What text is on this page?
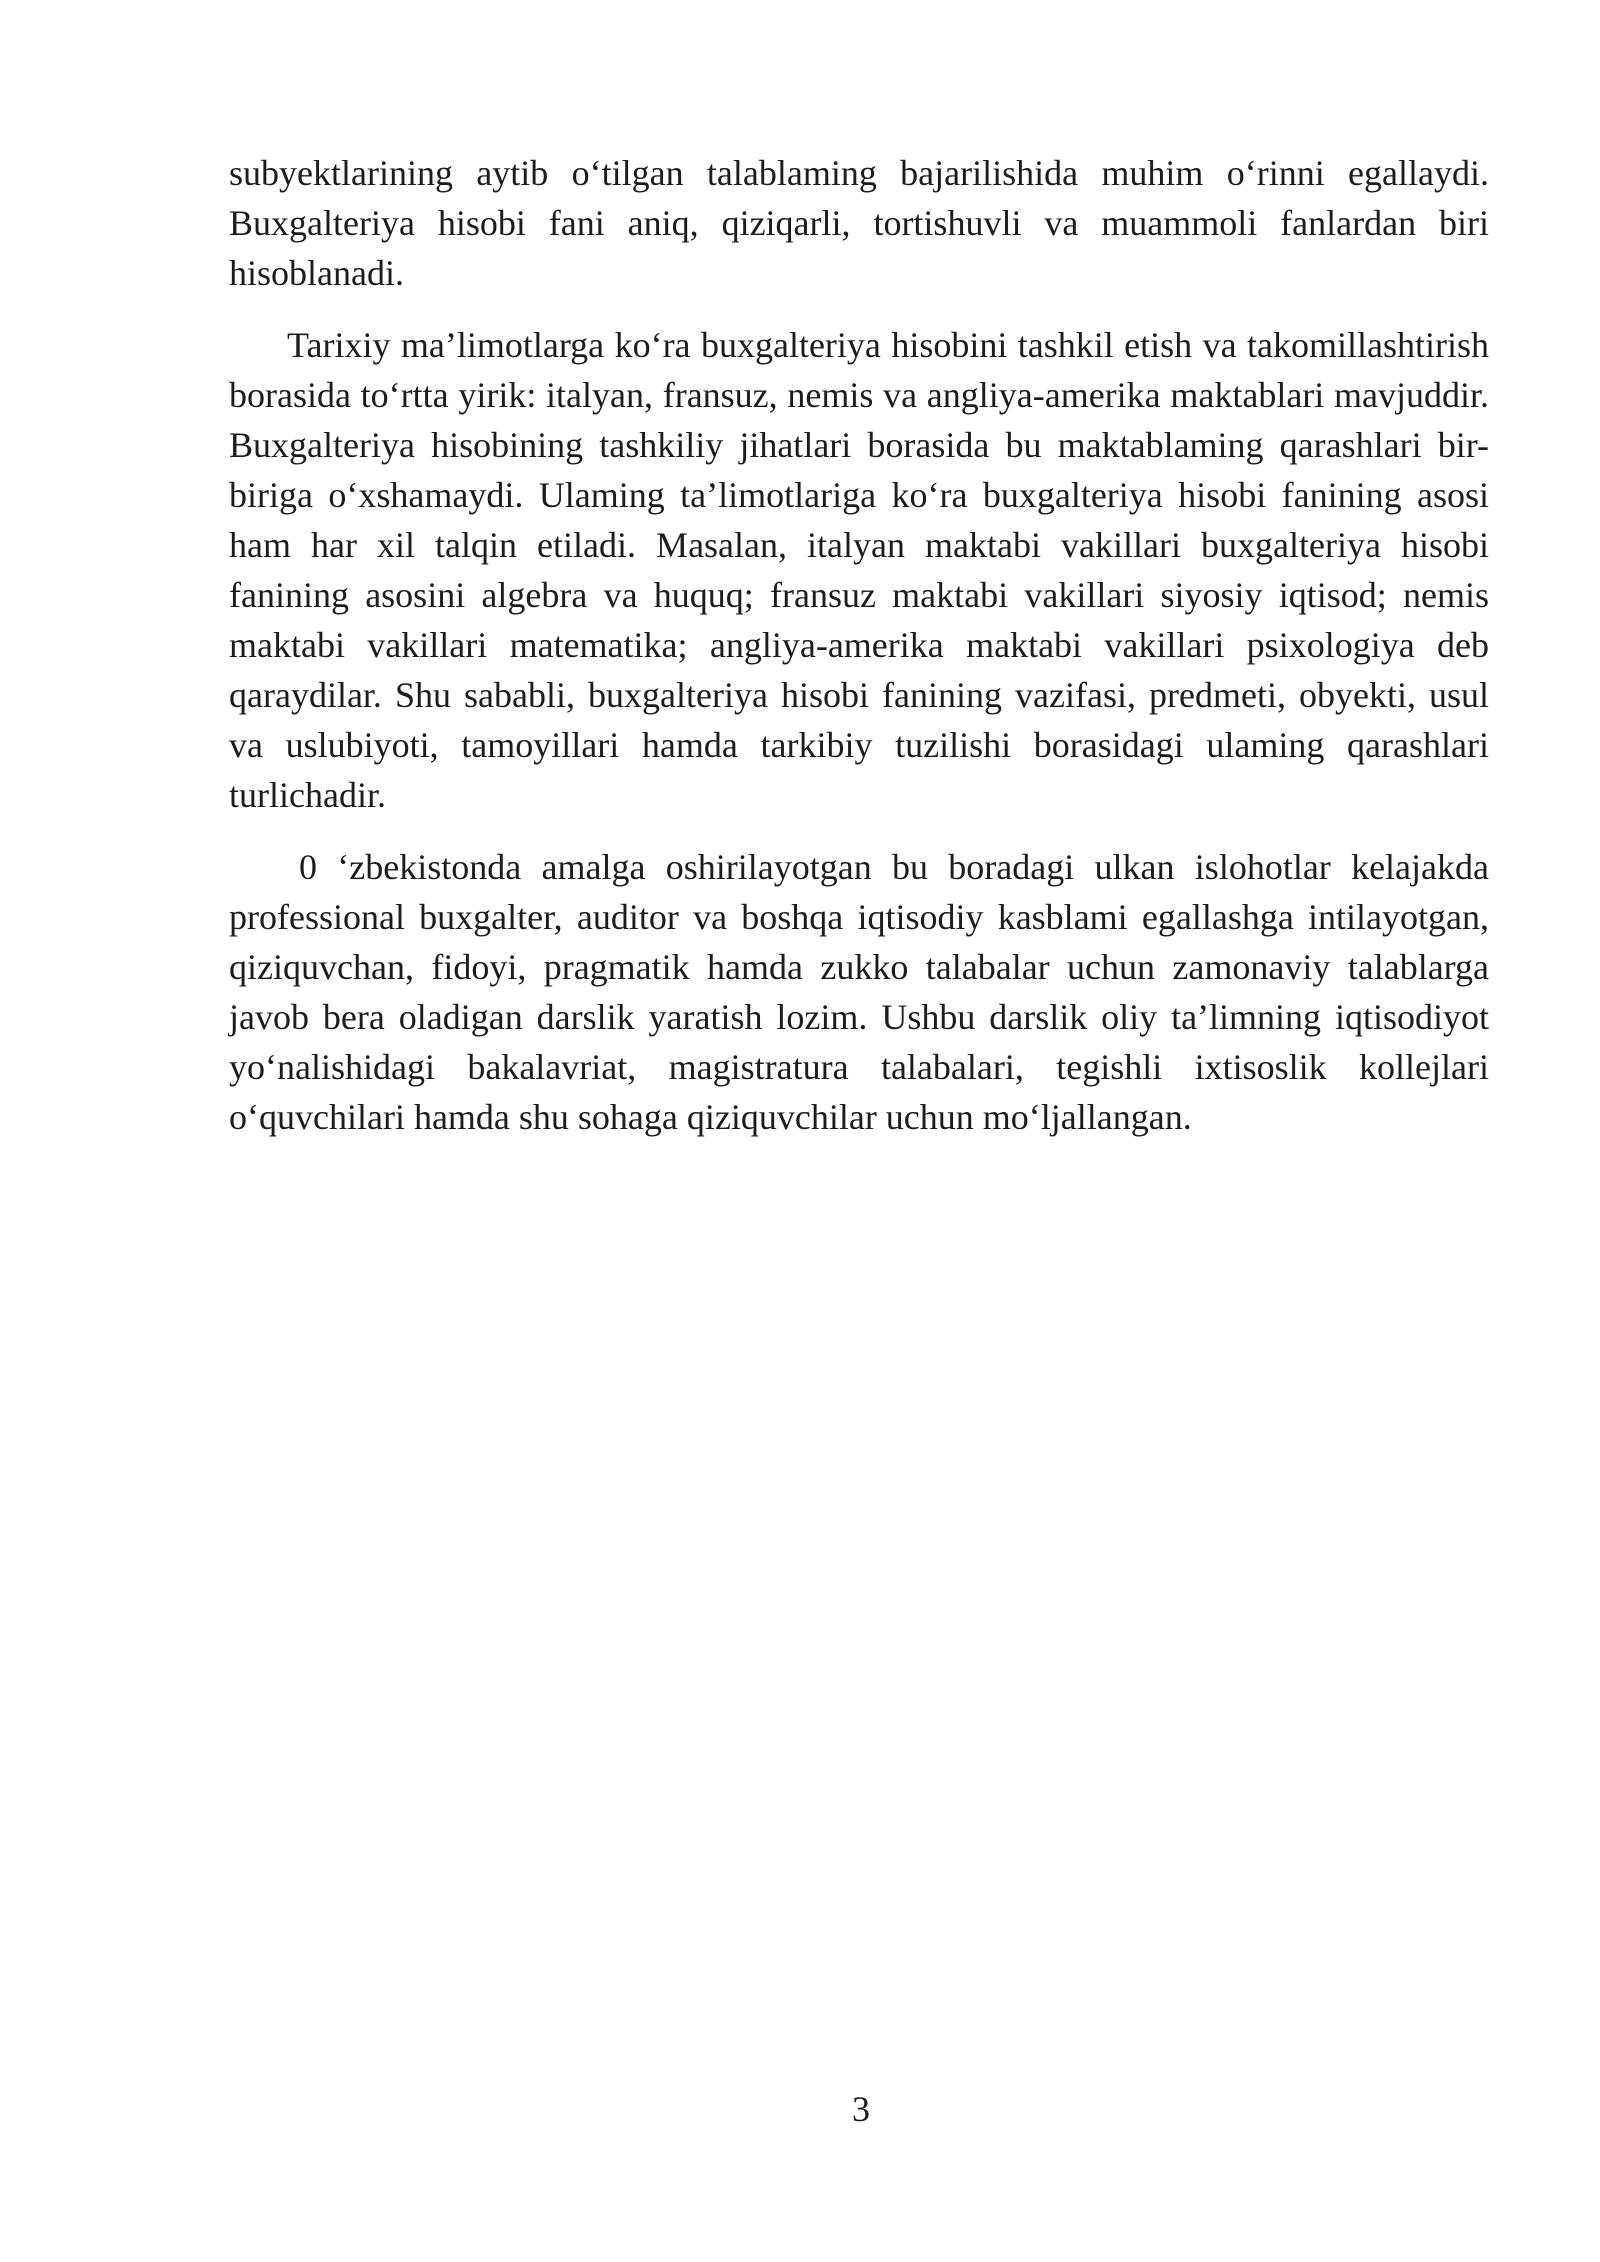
subyektlarining aytib o‘tilgan talablaming bajarilishida muhim o‘rinni egallaydi. Buxgalteriya hisobi fani aniq, qiziqarli, tortishuvli va muammoli fanlardan biri hisoblanadi.

Tarixiy ma’limotlarga ko‘ra buxgalteriya hisobini tashkil etish va takomillashtirish borasida to‘rtta yirik: italyan, fransuz, nemis va angliya-amerika maktablari mavjuddir. Buxgalteriya hisobining tashkiliy jihatlari borasida bu maktablaming qarashlari bir-biriga o‘xshamaydi. Ulaming ta’limotlariga ko‘ra buxgalteriya hisobi fanining asosi ham har xil talqin etiladi. Masalan, italyan maktabi vakillari buxgalteriya hisobi fanining asosini algebra va huquq; fransuz maktabi vakillari siyosiy iqtisod; nemis maktabi vakillari matematika; angliya-amerika maktabi vakillari psixologiya deb qaraydilar. Shu sababli, buxgalteriya hisobi fanining vazifasi, predmeti, obyekti, usul va uslubiyoti, tamoyillari hamda tarkibiy tuzilishi borasidagi ulaming qarashlari turlichadir.

0 ‘zbekistonda amalga oshirilayotgan bu boradagi ulkan islohotlar kelajakda professional buxgalter, auditor va boshqa iqtisodiy kasblami egallashga intilayotgan, qiziquvchan, fidoyi, pragmatik hamda zukko talabalar uchun zamonaviy talablarga javob bera oladigan darslik yaratish lozim. Ushbu darslik oliy ta’limning iqtisodiyot yo‘nalishidagi bakalavriat, magistratura talabalari, tegishli ixtisoslik kollejlari o‘quvchilari hamda shu sohaga qiziquvchilar uchun mo‘ljallangan.

3
